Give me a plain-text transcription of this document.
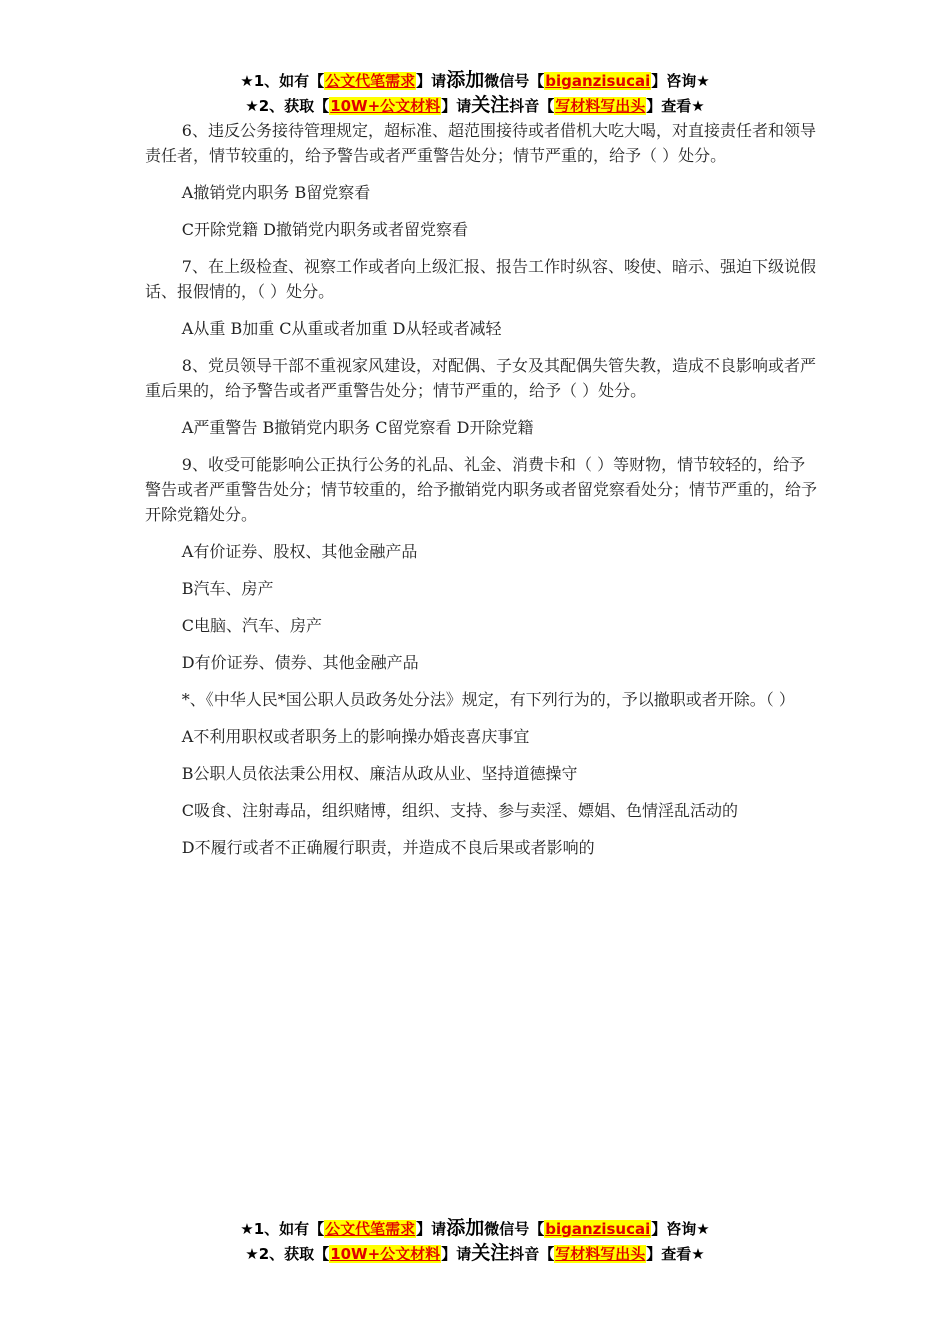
★1、如有【公文代笔需求】请添加微信号【biganzisucai】咨询★
★2、获取【10W+公文材料】请关注抖音【写材料写出头】查看★

6、违反公务接待管理规定，超标准、超范围接待或者借机大吃大喝，对直接责任者和领导责任者，情节较重的，给予警告或者严重警告处分；情节严重的，给予（ ）处分。

A撤销党内职务 B留党察看

C开除党籍 D撤销党内职务或者留党察看

7、在上级检查、视察工作或者向上级汇报、报告工作时纵容、唆使、暗示、强迫下级说假话、报假情的，（ ）处分。

A从重 B加重 C从重或者加重 D从轻或者减轻

8、党员领导干部不重视家风建设，对配偶、子女及其配偶失管失教，造成不良影响或者严重后果的，给予警告或者严重警告处分；情节严重的，给予（ ）处分。

A严重警告 B撤销党内职务 C留党察看 D开除党籍

9、收受可能影响公正执行公务的礼品、礼金、消费卡和（ ）等财物，情节较轻的，给予警告或者严重警告处分；情节较重的，给予撤销党内职务或者留党察看处分；情节严重的，给予开除党籍处分。

A有价证券、股权、其他金融产品

B汽车、房产

C电脑、汽车、房产

D有价证券、债券、其他金融产品

*、《中华人民*国公职人员政务处分法》规定，有下列行为的，予以撤职或者开除。（ ）

A不利用职权或者职务上的影响操办婚丧喜庆事宜

B公职人员依法秉公用权、廉洁从政从业、坚持道德操守

C吸食、注射毒品，组织赌博，组织、支持、参与卖淫、嫖娼、色情淫乱活动的

D不履行或者不正确履行职责，并造成不良后果或者影响的

★1、如有【公文代笔需求】请添加微信号【biganzisucai】咨询★
★2、获取【10W+公文材料】请关注抖音【写材料写出头】查看★
